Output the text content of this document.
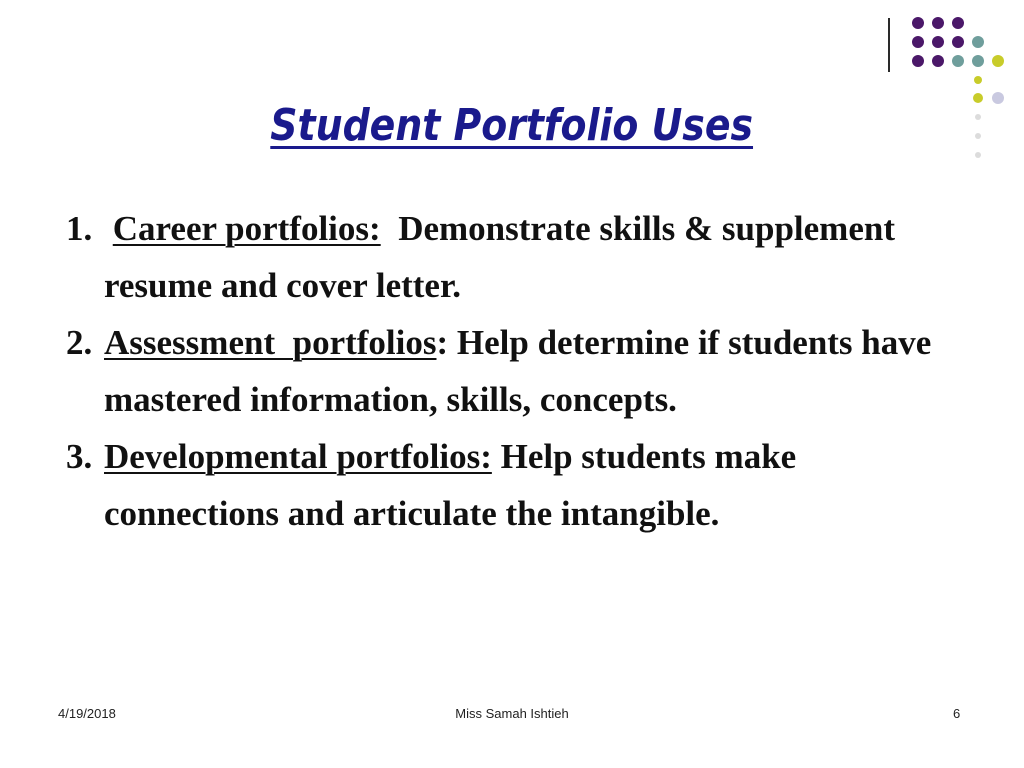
Student Portfolio Uses
1. Career portfolios:  Demonstrate skills & supplement resume and cover letter.
2. Assessment  portfolios: Help determine if students have mastered information, skills, concepts.
3. Developmental portfolios: Help students make connections and articulate the intangible.
4/19/2018	Miss Samah Ishtieh	6
